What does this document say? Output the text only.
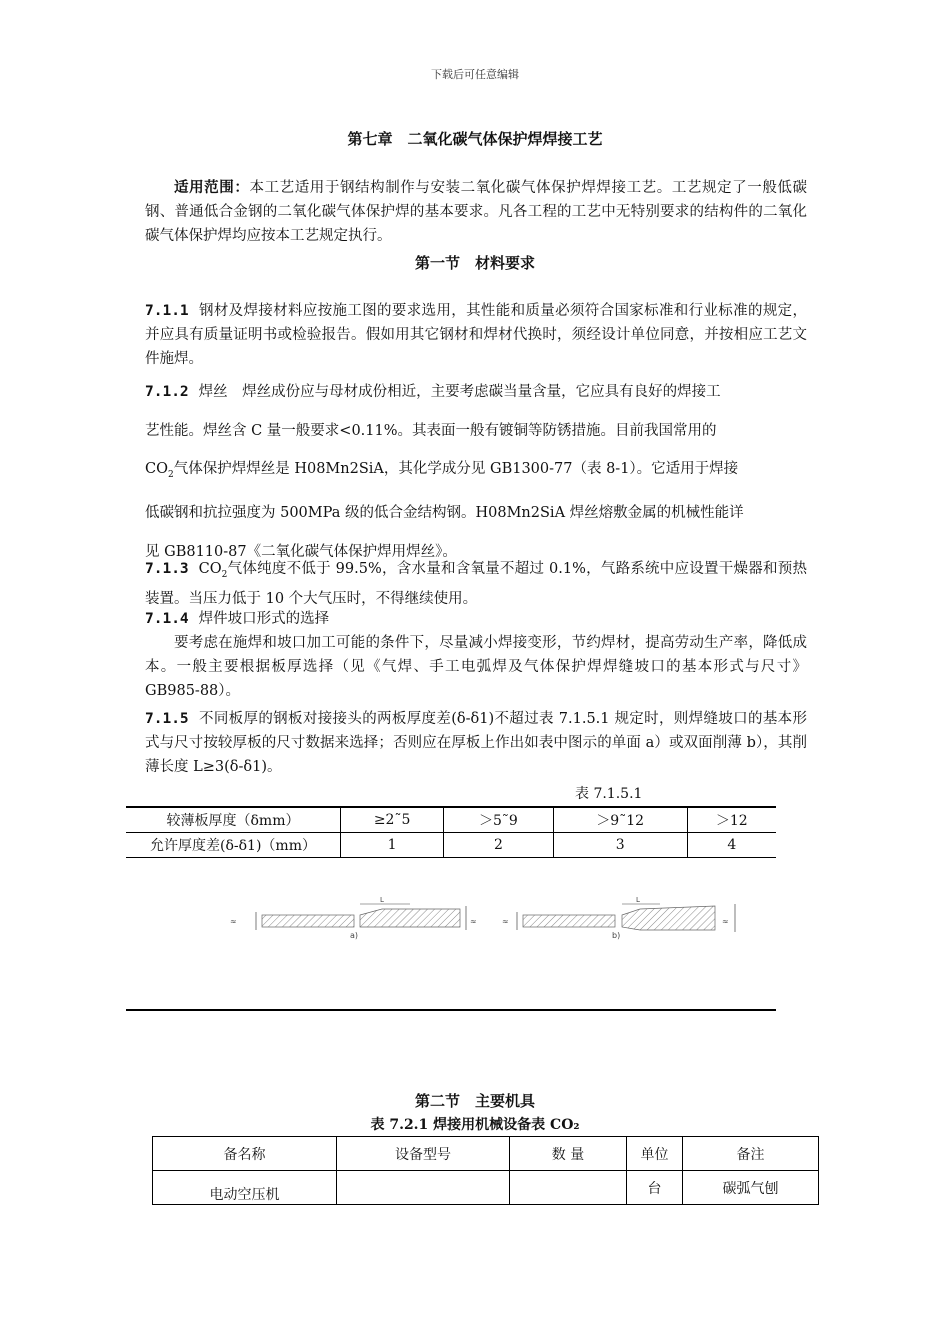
下载后可任意编辑
第七章　二氧化碳气体保护焊焊接工艺
适用范围：本工艺适用于钢结构制作与安装二氧化碳气体保护焊焊接工艺。工艺规定了一般低碳钢、普通低合金钢的二氧化碳气体保护焊的基本要求。凡各工程的工艺中无特别要求的结构件的二氧化碳气体保护焊均应按本工艺规定执行。
第一节　材料要求
7.1.1 钢材及焊接材料应按施工图的要求选用，其性能和质量必须符合国家标准和行业标准的规定，并应具有质量证明书或检验报告。假如用其它钢材和焊材代换时，须经设计单位同意，并按相应工艺文件施焊。
7.1.2 焊丝　焊丝成份应与母材成份相近，主要考虑碳当量含量，它应具有良好的焊接工
艺性能。焊丝含 C 量一般要求<0.11%。其表面一般有镀铜等防锈措施。目前我国常用的
$CO_2$气体保护焊焊丝是 H08Mn2SiA，其化学成分见 GB1300-77（表 8-1）。它适用于焊接
低碳钢和抗拉强度为 500MPa 级的低合金结构钢。H08Mn2SiA 焊丝熔敷金属的机械性能详
见 GB8110-87《二氧化碳气体保护焊用焊丝》。
7.1.3 $CO_2$气体纯度不低于 99.5%，含水量和含氧量不超过 0.1%，气路系统中应设置干燥器和预热装置。当压力低于 10 个大气压时，不得继续使用。
7.1.4 焊件坡口形式的选择
要考虑在施焊和坡口加工可能的条件下，尽量减小焊接变形，节约焊材，提高劳动生产率，降低成本。一般主要根据板厚选择（见《气焊、手工电弧焊及气体保护焊焊缝坡口的基本形式与尺寸》GB985-88）。
7.1.5 不同板厚的钢板对接接头的两板厚度差(δ-δ1)不超过表 7.1.5.1 规定时，则焊缝坡口的基本形式与尺寸按较厚板的尺寸数据来选择；否则应在厚板上作出如表中图示的单面 a）或双面削薄 b），其削薄长度 L≥3(δ-δ1)。
表 7.1.5.1
较薄板厚度（δmm）	≥2˜5	＞5˜9	＞9˜12	＞12
允许厚度差(δ-δ1)（mm）	1	2	3	4
L
a)
≈	≈
L
b)
≈	≈
第二节　主要机具
表 7.2.1 焊接用机械设备表 CO₂
备名称	设备型号	数 量	单位	备注
电动空压机			台	碳弧气刨
